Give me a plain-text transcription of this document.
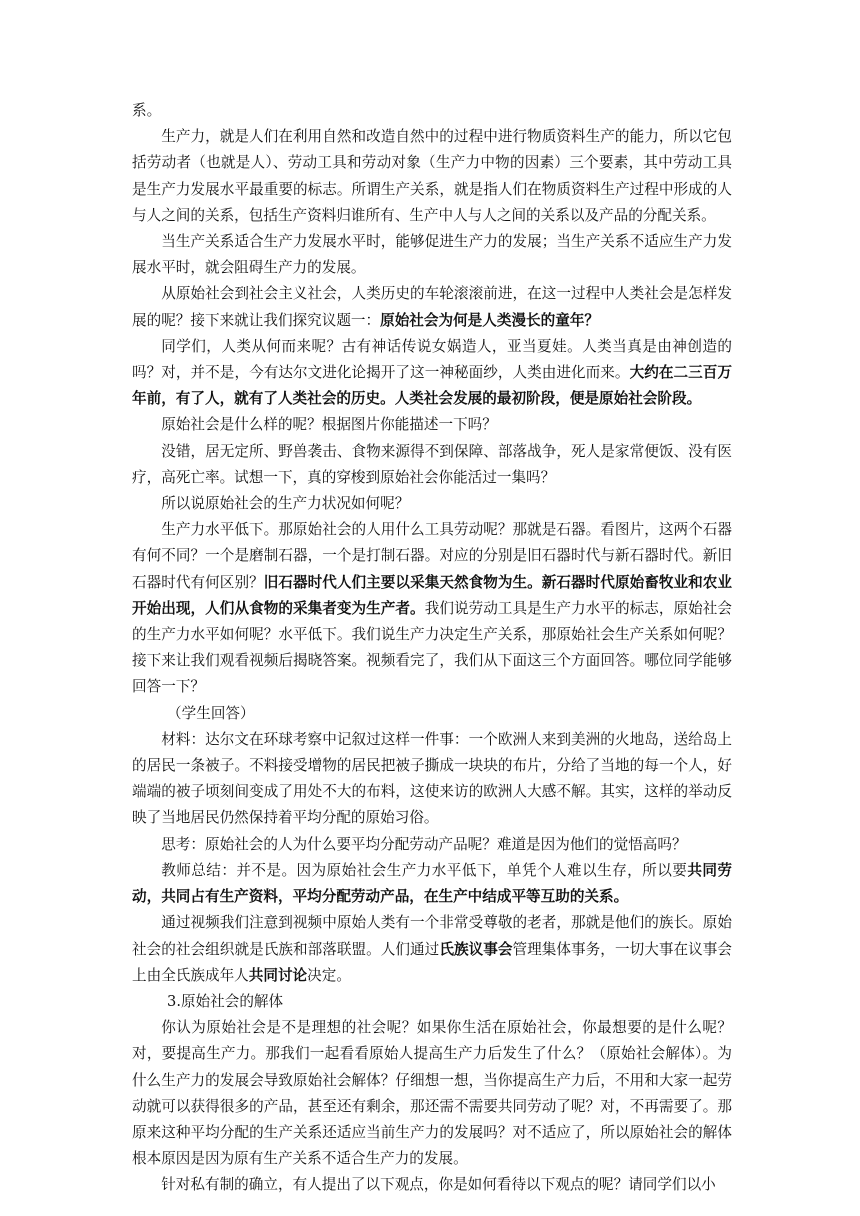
系。

生产力，就是人们在利用自然和改造自然中的过程中进行物质资料生产的能力，所以它包括劳动者（也就是人）、劳动工具和劳动对象（生产力中物的因素）三个要素，其中劳动工具是生产力发展水平最重要的标志。所谓生产关系，就是指人们在物质资料生产过程中形成的人与人之间的关系，包括生产资料归谁所有、生产中人与人之间的关系以及产品的分配关系。

当生产关系适合生产力发展水平时，能够促进生产力的发展；当生产关系不适应生产力发展水平时，就会阻碍生产力的发展。

从原始社会到社会主义社会，人类历史的车轮滚滚前进，在这一过程中人类社会是怎样发展的呢？接下来就让我们探究议题一：原始社会为何是人类漫长的童年？

同学们，人类从何而来呢？古有神话传说女娲造人，亚当夏娃。人类当真是由神创造的吗？对，并不是，今有达尔文进化论揭开了这一神秘面纱，人类由进化而来。大约在二三百万年前，有了人，就有了人类社会的历史。人类社会发展的最初阶段，便是原始社会阶段。

原始社会是什么样的呢？根据图片你能描述一下吗？

没错，居无定所、野兽袭击、食物来源得不到保障、部落战争，死人是家常便饭、没有医疗，高死亡率。试想一下，真的穿梭到原始社会你能活过一集吗？

所以说原始社会的生产力状况如何呢？

生产力水平低下。那原始社会的人用什么工具劳动呢？那就是石器。看图片，这两个石器有何不同？一个是磨制石器，一个是打制石器。对应的分别是旧石器时代与新石器时代。新旧石器时代有何区别？旧石器时代人们主要以采集天然食物为生。新石器时代原始畜牧业和农业开始出现，人们从食物的采集者变为生产者。我们说劳动工具是生产力水平的标志，原始社会的生产力水平如何呢？水平低下。我们说生产力决定生产关系，那原始社会生产关系如何呢？接下来让我们观看视频后揭晓答案。视频看完了，我们从下面这三个方面回答。哪位同学能够回答一下？

（学生回答）

材料：达尔文在环球考察中记叙过这样一件事：一个欧洲人来到美洲的火地岛，送给岛上的居民一条被子。不料接受增物的居民把被子撕成一块块的布片，分给了当地的每一个人，好端端的被子顷刻间变成了用处不大的布料，这使来访的欧洲人大感不解。其实，这样的举动反映了当地居民仍然保持着平均分配的原始习俗。

思考：原始社会的人为什么要平均分配劳动产品呢？难道是因为他们的觉悟高吗？

教师总结：并不是。因为原始社会生产力水平低下，单凭个人难以生存，所以要共同劳动，共同占有生产资料，平均分配劳动产品，在生产中结成平等互助的关系。

通过视频我们注意到视频中原始人类有一个非常受尊敬的老者，那就是他们的族长。原始社会的社会组织就是氏族和部落联盟。人们通过氏族议事会管理集体事务，一切大事在议事会上由全氏族成年人共同讨论决定。

3.原始社会的解体

你认为原始社会是不是理想的社会呢？如果你生活在原始社会，你最想要的是什么呢？对，要提高生产力。那我们一起看看原始人提高生产力后发生了什么？（原始社会解体）。为什么生产力的发展会导致原始社会解体？仔细想一想，当你提高生产力后，不用和大家一起劳动就可以获得很多的产品，甚至还有剩余，那还需不需要共同劳动了呢？对，不再需要了。那原来这种平均分配的生产关系还适应当前生产力的发展吗？对不适应了，所以原始社会的解体根本原因是因为原有生产关系不适合生产力的发展。

针对私有制的确立，有人提出了以下观点，你是如何看待以下观点的呢？请同学们以小
